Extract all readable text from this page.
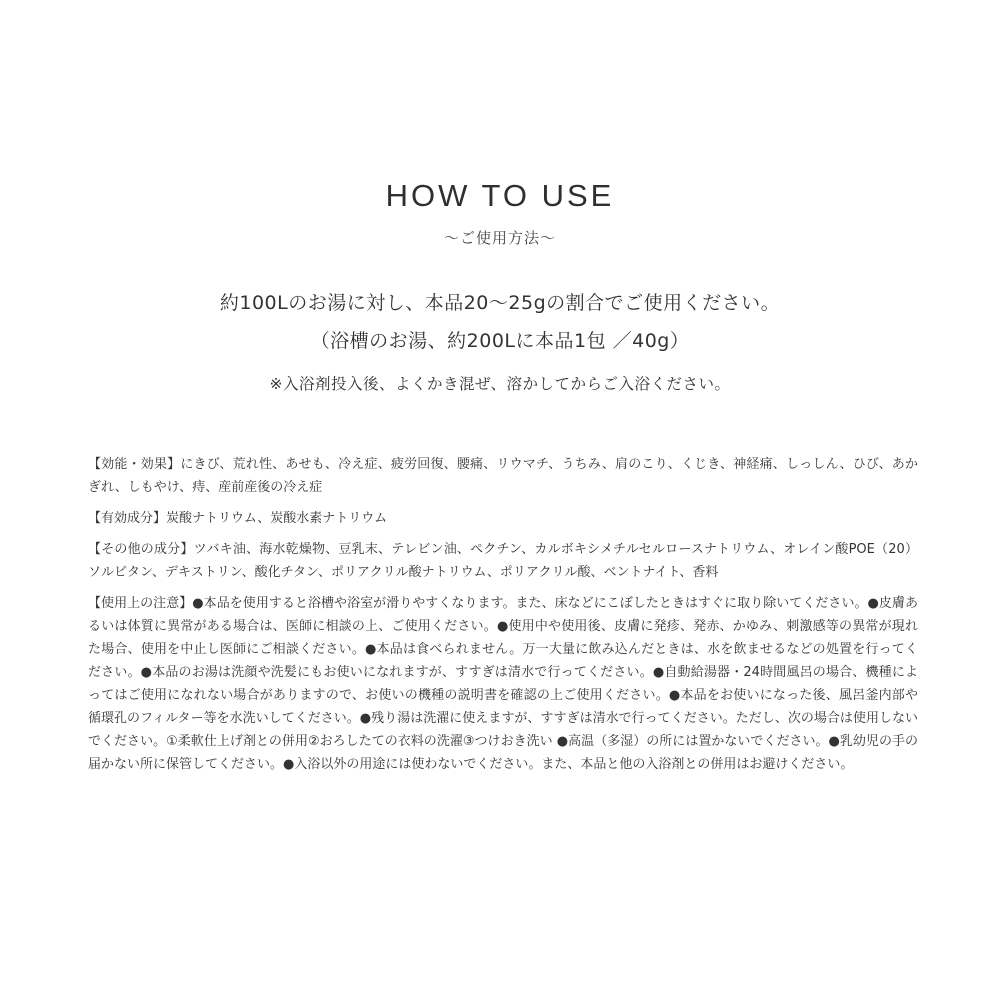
HOW TO USE
〜ご使用方法〜
約100Lのお湯に対し、本品20〜25gの割合でご使用ください。
（浴槽のお湯、約200Lに本品1包 ／40g）
※入浴剤投入後、よくかき混ぜ、溶かしてからご入浴ください。

【効能・効果】にきび、荒れ性、あせも、冷え症、疲労回復、腰痛、リウマチ、うちみ、肩のこり、くじき、神経痛、しっしん、ひび、あかぎれ、しもやけ、痔、産前産後の冷え症

【有効成分】炭酸ナトリウム、炭酸水素ナトリウム

【その他の成分】ツバキ油、海水乾燥物、豆乳末、テレビン油、ペクチン、カルボキシメチルセルロースナトリウム、オレイン酸POE（20）ソルビタン、デキストリン、酸化チタン、ポリアクリル酸ナトリウム、ポリアクリル酸、ベントナイト、香料

【使用上の注意】●本品を使用すると浴槽や浴室が滑りやすくなります。また、床などにこぼしたときはすぐに取り除いてください。●皮膚あるいは体質に異常がある場合は、医師に相談の上、ご使用ください。●使用中や使用後、皮膚に発疹、発赤、かゆみ、刺激感等の異常が現れた場合、使用を中止し医師にご相談ください。●本品は食べられません。万一大量に飲み込んだときは、水を飲ませるなどの処置を行ってください。●本品のお湯は洗顔や洗髪にもお使いになれますが、すすぎは清水で行ってください。●自動給湯器・24時間風呂の場合、機種によってはご使用になれない場合がありますので、お使いの機種の説明書を確認の上ご使用ください。●本品をお使いになった後、風呂釜内部や循環孔のフィルター等を水洗いしてください。●残り湯は洗濯に使えますが、すすぎは清水で行ってください。ただし、次の場合は使用しないでください。①柔軟仕上げ剤との併用②おろしたての衣料の洗濯③つけおき洗い ●高温（多湿）の所には置かないでください。●乳幼児の手の届かない所に保管してください。●入浴以外の用途には使わないでください。また、本品と他の入浴剤との併用はお避けください。
